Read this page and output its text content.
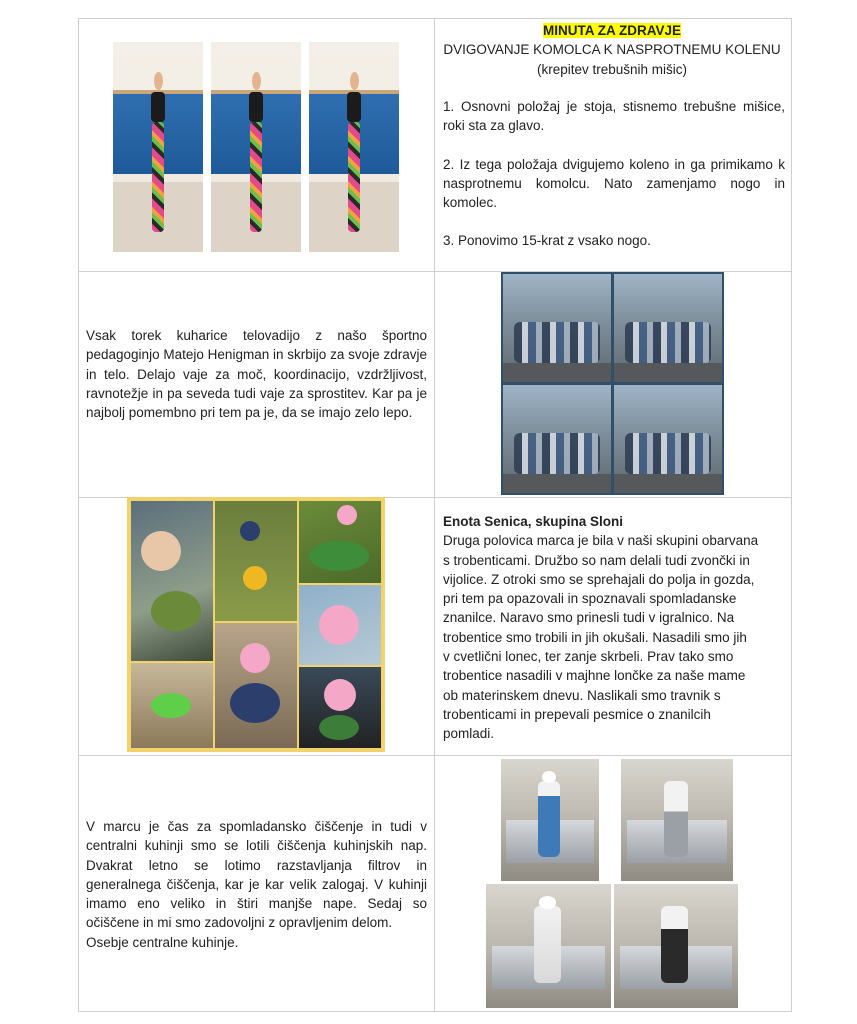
MINUTA ZA ZDRAVJE

DVIGOVANJE KOMOLCA K NASPROTNEMU KOLENU

(krepitev trebušnih mišic)

1. Osnovni položaj je stoja, stisnemo trebušne mišice, roki sta za glavo.

2. Iz tega položaja dvigujemo koleno in ga primikamo k nasprotnemu komolcu. Nato zamenjamo nogo in komolec.

3. Ponovimo 15-krat z vsako nogo.

Vsak torek kuharice telovadijo z našo športno pedagoginjo Matejo Henigman in skrbijo za svoje zdravje in telo. Delajo vaje za moč, koordinacijo, vzdržljivost, ravnotežje in pa seveda tudi vaje za sprostitev. Kar pa je najbolj pomembno pri tem pa je, da se imajo zelo lepo.

Enota Senica, skupina Sloni

Druga polovica marca je bila v naši skupini obarvana

s trobenticami. Družbo so nam delali tudi zvončki in

vijolice. Z otroki smo se sprehajali do polja in gozda,

pri tem pa opazovali in spoznavali spomladanske

znanilce. Naravo smo prinesli tudi v igralnico. Na

trobentice smo trobili in jih okušali. Nasadili smo jih

v cvetlični lonec, ter zanje skrbeli. Prav tako smo

trobentice nasadili v majhne lončke za naše mame

ob materinskem dnevu. Naslikali smo travnik s

trobenticami in prepevali pesmice o znanilcih

pomladi.

V marcu je čas za spomladansko čiščenje in tudi v centralni kuhinji smo se lotili čiščenja kuhinjskih nap. Dvakrat letno se lotimo razstavljanja filtrov in generalnega čiščenja, kar je kar velik zalogaj. V kuhinji imamo eno veliko in štiri manjše nape. Sedaj so očiščene in mi smo zadovoljni z opravljenim delom.

Osebje centralne kuhinje.
